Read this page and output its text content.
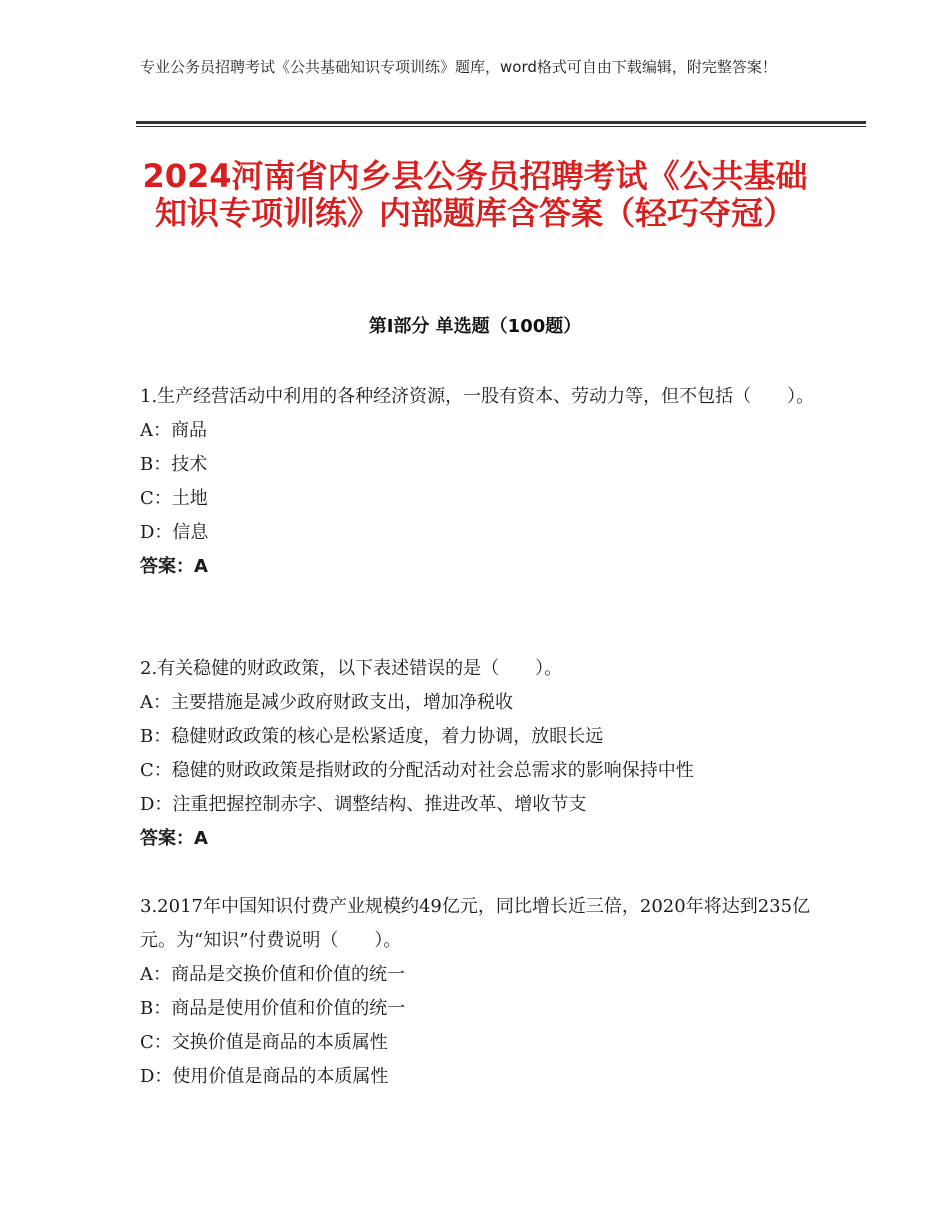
专业公务员招聘考试《公共基础知识专项训练》题库，word格式可自由下载编辑，附完整答案！
2024河南省内乡县公务员招聘考试《公共基础知识专项训练》内部题库含答案（轻巧夺冠）
第Ⅰ部分 单选题（100题）

1.生产经营活动中利用的各种经济资源，一股有资本、劳动力等，但不包括（　　）。

A：商品

B：技术

C：土地

D：信息

答案：A

2.有关稳健的财政政策，以下表述错误的是（　　）。

A：主要措施是减少政府财政支出，增加净税收

B：稳健财政政策的核心是松紧适度，着力协调，放眼长远

C：稳健的财政政策是指财政的分配活动对社会总需求的影响保持中性

D：注重把握控制赤字、调整结构、推进改革、增收节支

答案：A

3.2017年中国知识付费产业规模约49亿元，同比增长近三倍，2020年将达到235亿元。为“知识”付费说明（　　）。

A：商品是交换价值和价值的统一

B：商品是使用价值和价值的统一

C：交换价值是商品的本质属性

D：使用价值是商品的本质属性
